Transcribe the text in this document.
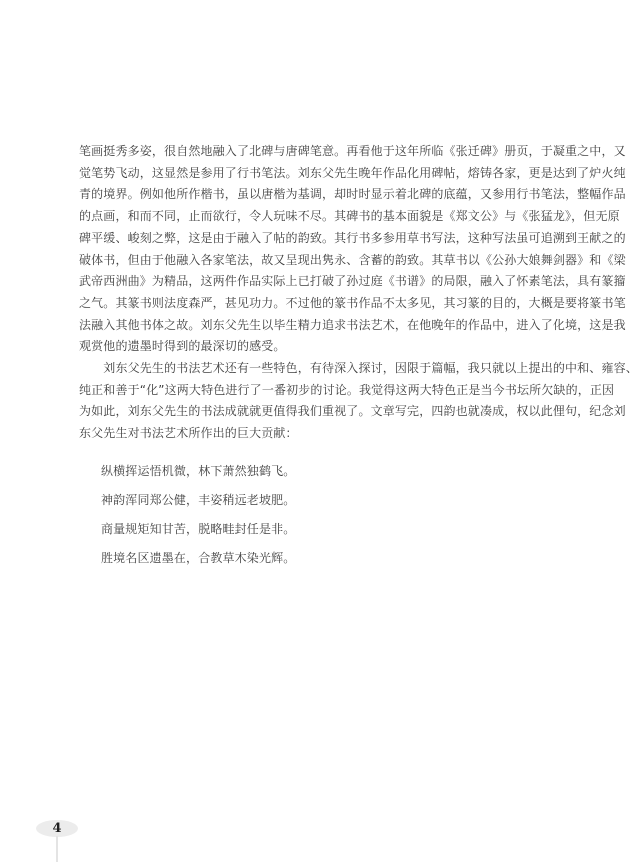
笔画挺秀多姿，很自然地融入了北碑与唐碑笔意。再看他于这年所临《张迁碑》册页，于凝重之中，又
觉笔势飞动，这显然是参用了行书笔法。刘东父先生晚年作品化用碑帖，熔铸各家，更是达到了炉火纯
青的境界。例如他所作楷书，虽以唐楷为基调，却时时显示着北碑的底蕴，又参用行书笔法，整幅作品
的点画，和而不同，止而欲行，令人玩味不尽。其碑书的基本面貌是《郑文公》与《张猛龙》，但无原
碑平缓、峻刻之弊，这是由于融入了帖的韵致。其行书多参用草书写法，这种写法虽可追溯到王献之的
破体书，但由于他融入各家笔法，故又呈现出隽永、含蓄的韵致。其草书以《公孙大娘舞剑器》和《梁
武帝西洲曲》为精品，这两件作品实际上已打破了孙过庭《书谱》的局限，融入了怀素笔法，具有篆籀
之气。其篆书则法度森严，甚见功力。不过他的篆书作品不太多见，其习篆的目的，大概是要将篆书笔
法融入其他书体之故。刘东父先生以毕生精力追求书法艺术，在他晚年的作品中，进入了化境，这是我
观赏他的遗墨时得到的最深切的感受。
　　刘东父先生的书法艺术还有一些特色，有待深入探讨，因限于篇幅，我只就以上提出的中和、雍容、
纯正和善于“化”这两大特色进行了一番初步的讨论。我觉得这两大特色正是当今书坛所欠缺的，正因
为如此，刘东父先生的书法成就就更值得我们重视了。文章写完，四韵也就凑成，权以此俚句，纪念刘
东父先生对书法艺术所作出的巨大贡献：
纵横挥运悟机微，林下萧然独鹤飞。
神韵浑同郑公健，丰姿稍远老坡肥。
商量规矩知甘苦，脱略畦封任是非。
胜境名区遗墨在，合教草木染光辉。
4
